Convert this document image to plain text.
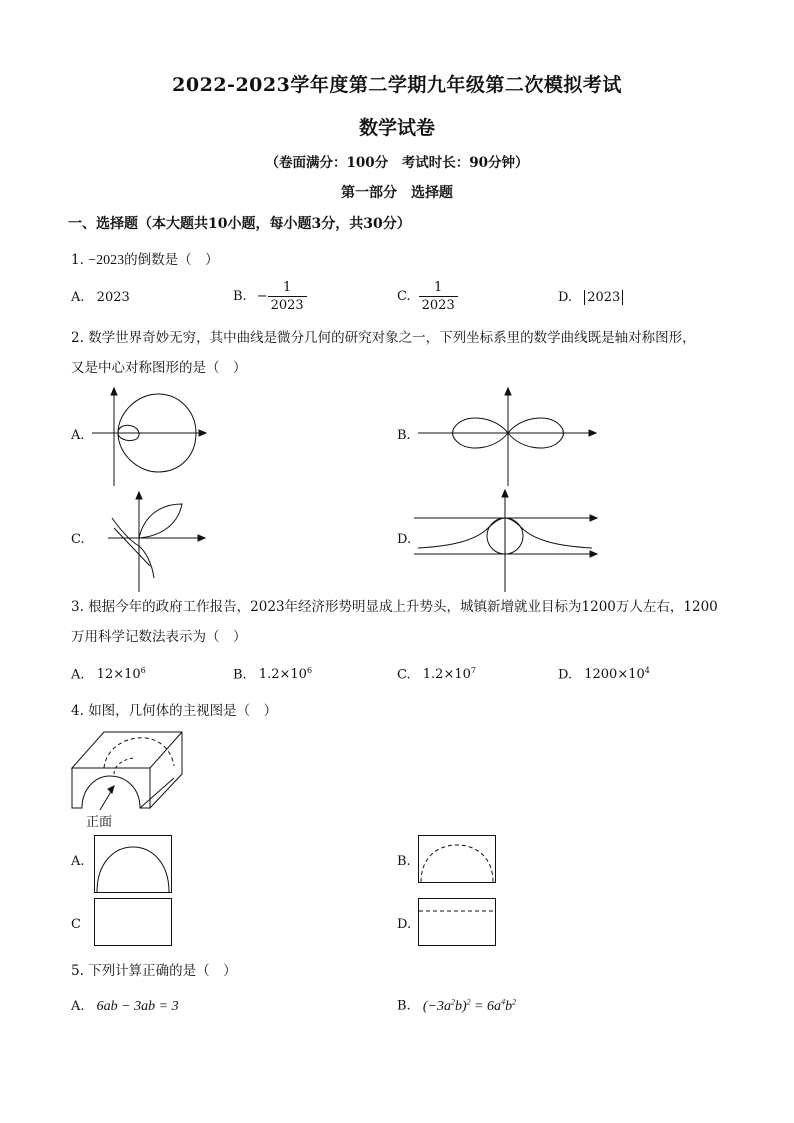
2022-2023学年度第二学期九年级第二次模拟考试
数学试卷
（卷面满分：100分　考试时长：90分钟）
第一部分　选择题
一、选择题（本大题共10小题，每小题3分，共30分）
1. −2023的倒数是（　）
A. 2023	B. − $\frac{1}{2023}$	C. $\frac{1}{2023}$	D. 2023
2. 数学世界奇妙无穷，其中曲线是微分几何的研究对象之一，下列坐标系里的数学曲线既是轴对称图形，
又是中心对称图形的是（　）
A.	B.
C.	D.
3. 根据今年的政府工作报告，2023年经济形势明显成上升势头，城镇新增就业目标为1200万人左右，1200
万用科学记数法表示为（　）
A. $12\times 10^6$	B. $1.2\times 10^6$	C. $1.2\times 10^7$	D. $1200\times 10^4$
4. 如图，几何体的主视图是（　）
正面
A.	B.
C	D.
5. 下列计算正确的是（　）
A. 6ab − 3ab = 3	B. $(-3a^2b)^2 = 6a^4b^2$
